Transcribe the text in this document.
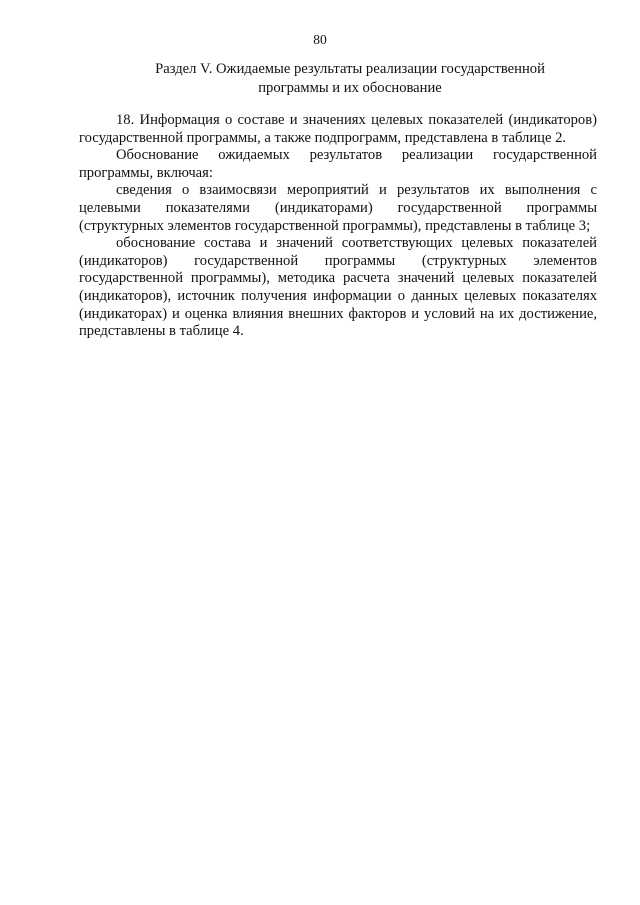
80
Раздел V. Ожидаемые результаты реализации государственной
программы и их обоснование

18. Информация о составе и значениях целевых показателей (индикаторов) государственной программы, а также подпрограмм, представлена в таблице 2.

Обоснование ожидаемых результатов реализации государственной программы, включая:

сведения о взаимосвязи мероприятий и результатов их выполнения с целевыми показателями (индикаторами) государственной программы (структурных элементов государственной программы), представлены в таблице 3;

обоснование состава и значений соответствующих целевых показателей (индикаторов) государственной программы (структурных элементов государственной программы), методика расчета значений целевых показателей (индикаторов), источник получения информации о данных целевых показателях (индикаторах) и оценка влияния внешних факторов и условий на их достижение, представлены в таблице 4.
